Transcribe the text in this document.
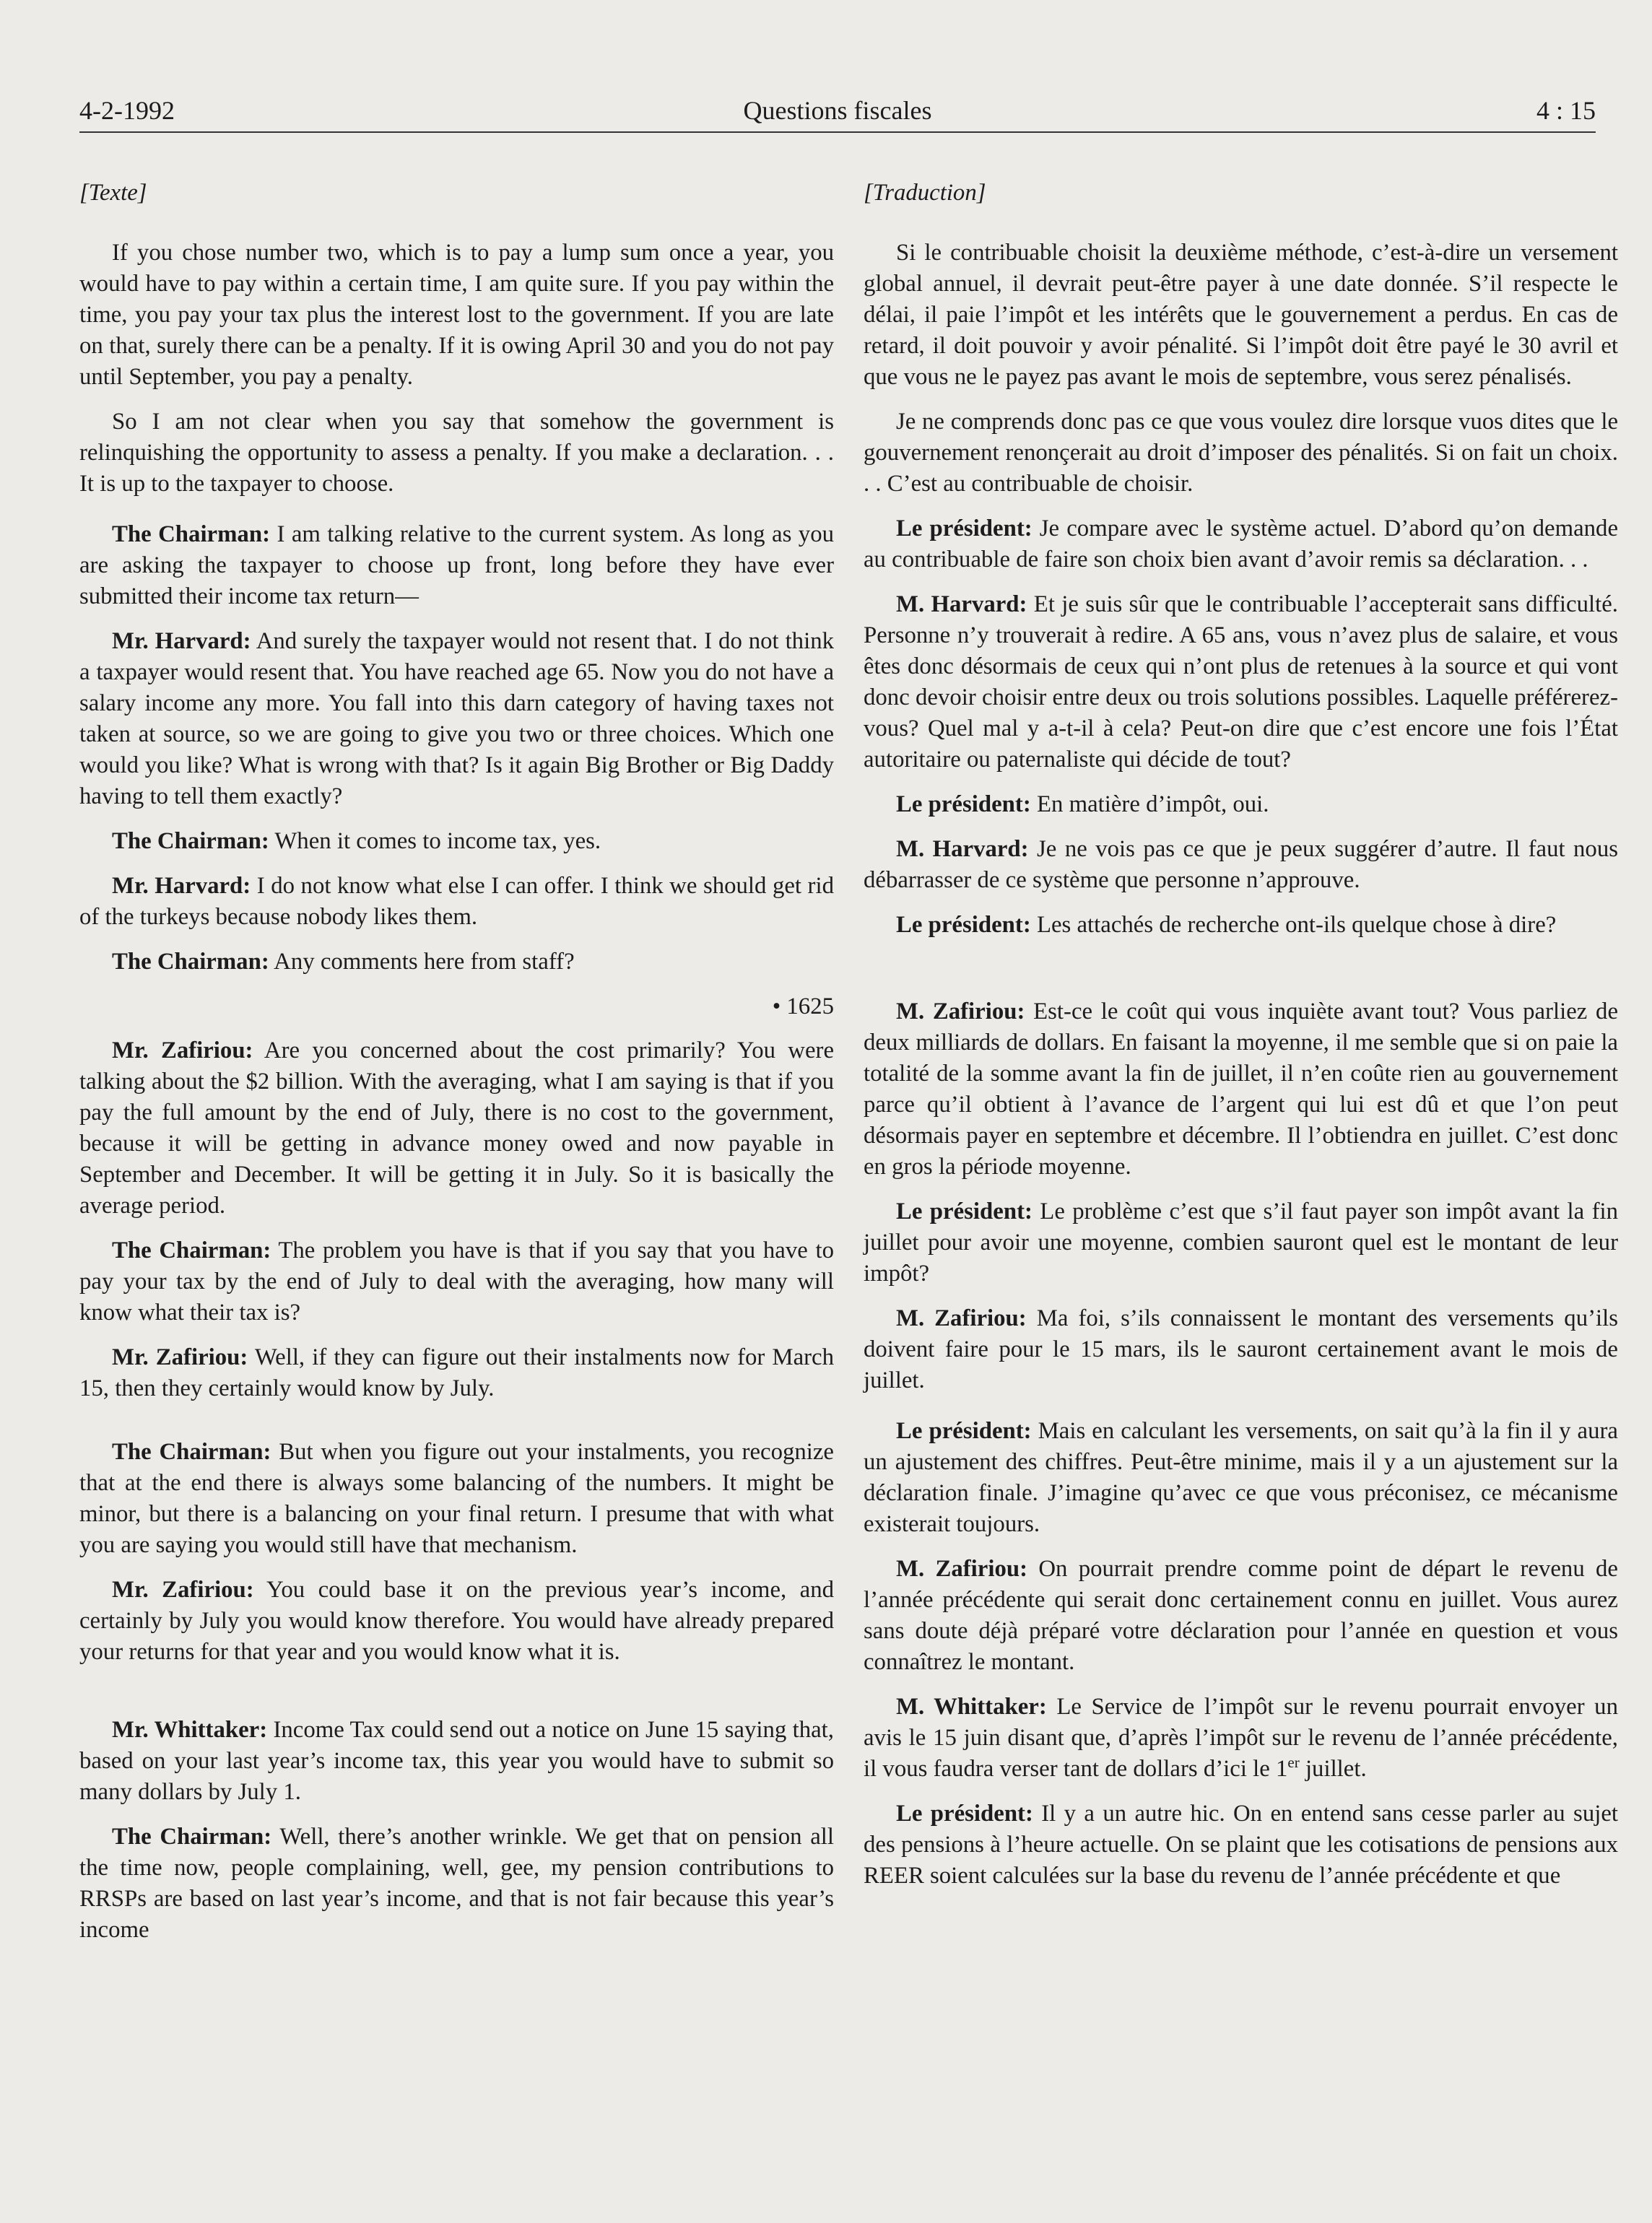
4-2-1992	Questions fiscales	4 : 15
[Texte]

If you chose number two, which is to pay a lump sum once a year, you would have to pay within a certain time, I am quite sure. If you pay within the time, you pay your tax plus the interest lost to the government. If you are late on that, surely there can be a penalty. If it is owing April 30 and you do not pay until September, you pay a penalty.

So I am not clear when you say that somehow the government is relinquishing the opportunity to assess a penalty. If you make a declaration. . . It is up to the taxpayer to choose.

The Chairman: I am talking relative to the current system. As long as you are asking the taxpayer to choose up front, long before they have ever submitted their income tax return—

Mr. Harvard: And surely the taxpayer would not resent that. I do not think a taxpayer would resent that. You have reached age 65. Now you do not have a salary income any more. You fall into this darn category of having taxes not taken at source, so we are going to give you two or three choices. Which one would you like? What is wrong with that? Is it again Big Brother or Big Daddy having to tell them exactly?

The Chairman: When it comes to income tax, yes.

Mr. Harvard: I do not know what else I can offer. I think we should get rid of the turkeys because nobody likes them.

The Chairman: Any comments here from staff?

• 1625

Mr. Zafiriou: Are you concerned about the cost primarily? You were talking about the $2 billion. With the averaging, what I am saying is that if you pay the full amount by the end of July, there is no cost to the government, because it will be getting in advance money owed and now payable in September and December. It will be getting it in July. So it is basically the average period.

The Chairman: The problem you have is that if you say that you have to pay your tax by the end of July to deal with the averaging, how many will know what their tax is?

Mr. Zafiriou: Well, if they can figure out their instalments now for March 15, then they certainly would know by July.

The Chairman: But when you figure out your instalments, you recognize that at the end there is always some balancing of the numbers. It might be minor, but there is a balancing on your final return. I presume that with what you are saying you would still have that mechanism.

Mr. Zafiriou: You could base it on the previous year’s income, and certainly by July you would know therefore. You would have already prepared your returns for that year and you would know what it is.

Mr. Whittaker: Income Tax could send out a notice on June 15 saying that, based on your last year’s income tax, this year you would have to submit so many dollars by July 1.

The Chairman: Well, there’s another wrinkle. We get that on pension all the time now, people complaining, well, gee, my pension contributions to RRSPs are based on last year’s income, and that is not fair because this year’s income

[Traduction]

Si le contribuable choisit la deuxième méthode, c’est-à-dire un versement global annuel, il devrait peut-être payer à une date donnée. S’il respecte le délai, il paie l’impôt et les intérêts que le gouvernement a perdus. En cas de retard, il doit pouvoir y avoir pénalité. Si l’impôt doit être payé le 30 avril et que vous ne le payez pas avant le mois de septembre, vous serez pénalisés.

Je ne comprends donc pas ce que vous voulez dire lorsque vuos dites que le gouvernement renonçerait au droit d’imposer des pénalités. Si on fait un choix. . . C’est au contribuable de choisir.

Le président: Je compare avec le système actuel. D’abord qu’on demande au contribuable de faire son choix bien avant d’avoir remis sa déclaration. . .

M. Harvard: Et je suis sûr que le contribuable l’accepterait sans difficulté. Personne n’y trouverait à redire. A 65 ans, vous n’avez plus de salaire, et vous êtes donc désormais de ceux qui n’ont plus de retenues à la source et qui vont donc devoir choisir entre deux ou trois solutions possibles. Laquelle préférerez-vous? Quel mal y a-t-il à cela? Peut-on dire que c’est encore une fois l’État autoritaire ou paternaliste qui décide de tout?

Le président: En matière d’impôt, oui.

M. Harvard: Je ne vois pas ce que je peux suggérer d’autre. Il faut nous débarrasser de ce système que personne n’approuve.

Le président: Les attachés de recherche ont-ils quelque chose à dire?

M. Zafiriou: Est-ce le coût qui vous inquiète avant tout? Vous parliez de deux milliards de dollars. En faisant la moyenne, il me semble que si on paie la totalité de la somme avant la fin de juillet, il n’en coûte rien au gouvernement parce qu’il obtient à l’avance de l’argent qui lui est dû et que l’on peut désormais payer en septembre et décembre. Il l’obtiendra en juillet. C’est donc en gros la période moyenne.

Le président: Le problème c’est que s’il faut payer son impôt avant la fin juillet pour avoir une moyenne, combien sauront quel est le montant de leur impôt?

M. Zafiriou: Ma foi, s’ils connaissent le montant des versements qu’ils doivent faire pour le 15 mars, ils le sauront certainement avant le mois de juillet.

Le président: Mais en calculant les versements, on sait qu’à la fin il y aura un ajustement des chiffres. Peut-être minime, mais il y a un ajustement sur la déclaration finale. J’imagine qu’avec ce que vous préconisez, ce mécanisme existerait toujours.

M. Zafiriou: On pourrait prendre comme point de départ le revenu de l’année précédente qui serait donc certainement connu en juillet. Vous aurez sans doute déjà préparé votre déclaration pour l’année en question et vous connaîtrez le montant.

M. Whittaker: Le Service de l’impôt sur le revenu pourrait envoyer un avis le 15 juin disant que, d’après l’impôt sur le revenu de l’année précédente, il vous faudra verser tant de dollars d’ici le 1er juillet.

Le président: Il y a un autre hic. On en entend sans cesse parler au sujet des pensions à l’heure actuelle. On se plaint que les cotisations de pensions aux REER soient calculées sur la base du revenu de l’année précédente et que
